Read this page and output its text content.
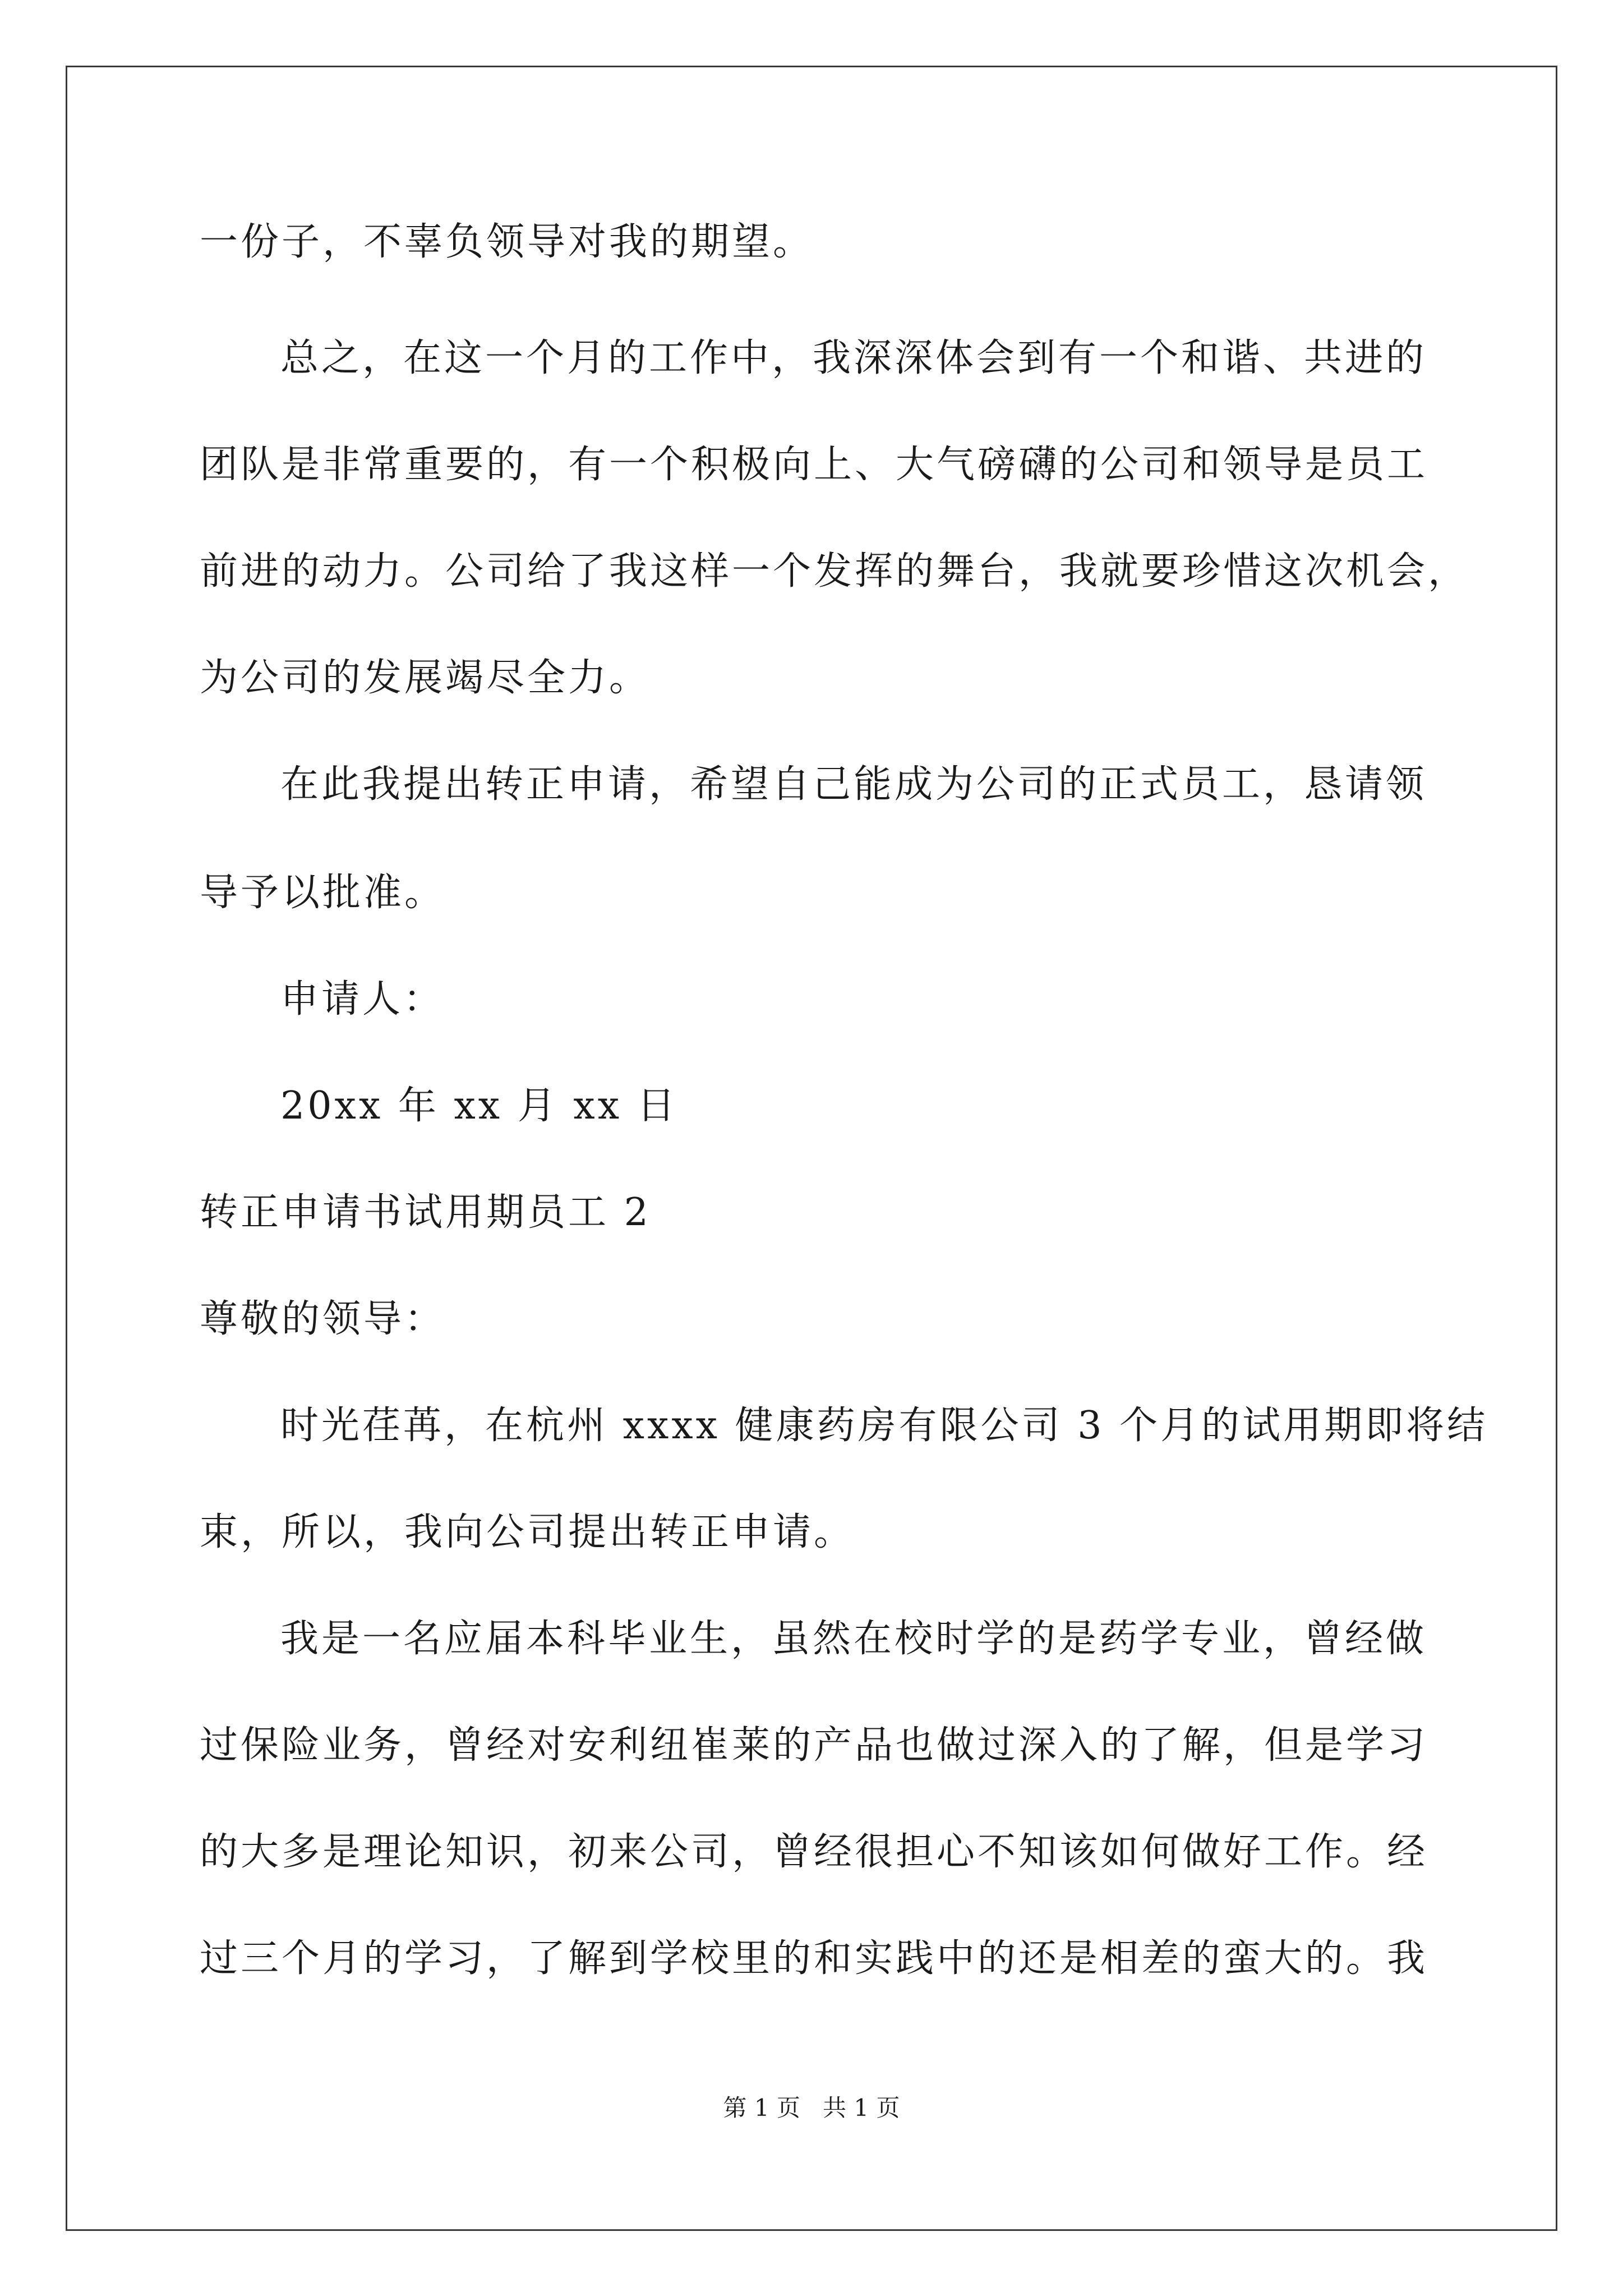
一份子，不辜负领导对我的期望。
总之，在这一个月的工作中，我深深体会到有一个和谐、共进的
团队是非常重要的，有一个积极向上、大气磅礴的公司和领导是员工
前进的动力。公司给了我这样一个发挥的舞台，我就要珍惜这次机会，
为公司的发展竭尽全力。
在此我提出转正申请，希望自己能成为公司的正式员工，恳请领
导予以批准。
申请人：
20xx 年 xx 月 xx 日
转正申请书试用期员工 2
尊敬的领导：
时光荏苒，在杭州 xxxx 健康药房有限公司 3 个月的试用期即将结
束，所以，我向公司提出转正申请。
我是一名应届本科毕业生，虽然在校时学的是药学专业，曾经做
过保险业务，曾经对安利纽崔莱的产品也做过深入的了解，但是学习
的大多是理论知识，初来公司，曾经很担心不知该如何做好工作。经
过三个月的学习，了解到学校里的和实践中的还是相差的蛮大的。我
第 1 页   共 1 页
